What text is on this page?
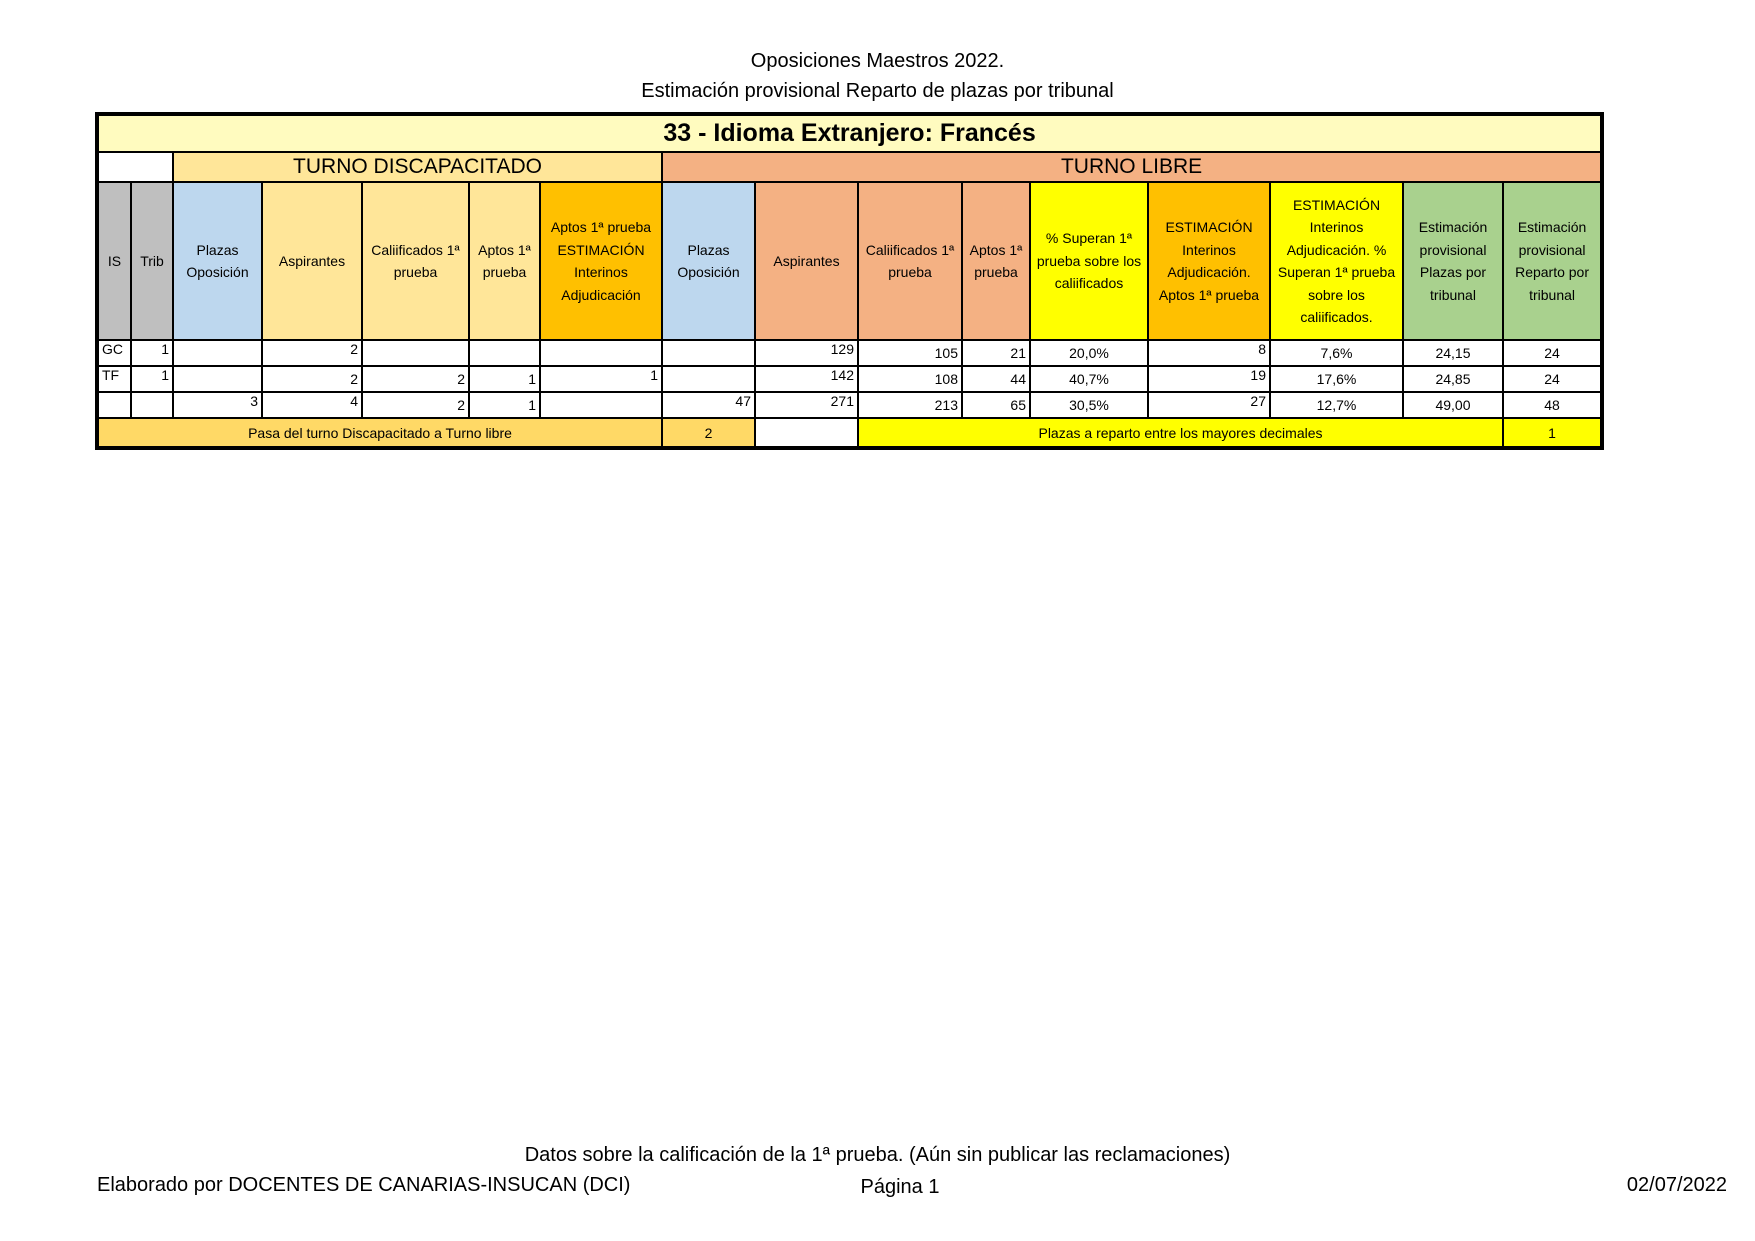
Oposiciones Maestros 2022.
Estimación provisional Reparto de plazas por tribunal
33 - Idioma Extranjero: Francés															
		TURNO DISCAPACITADO					TURNO LIBRE								
IS	Trib	Plazas Oposición	Aspirantes	Caliificados 1ª prueba	Aptos 1ª prueba	Aptos 1ª prueba ESTIMACIÓN Interinos Adjudicación	Plazas Oposición	Aspirantes	Caliificados 1ª prueba	Aptos 1ª prueba	% Superan 1ª prueba sobre los caliificados	ESTIMACIÓN Interinos Adjudicación. Aptos 1ª prueba	ESTIMACIÓN Interinos Adjudicación. % Superan 1ª prueba sobre los caliificados.	Estimación provisional Plazas por tribunal	Estimación provisional Reparto por tribunal
GC	1		2					129	105	21	20,0%	8	7,6%	24,15	24
TF	1		2	2	1	1		142	108	44	40,7%	19	17,6%	24,85	24
		3	4	2	1		47	271	213	65	30,5%	27	12,7%	49,00	48
Pasa del turno Discapacitado a Turno libre							2		Plazas a reparto entre los mayores decimales						1
Datos sobre la calificación de la 1ª prueba. (Aún sin publicar las reclamaciones)
Elaborado por DOCENTES DE CANARIAS-INSUCAN (DCI)	Página 1	02/07/2022
